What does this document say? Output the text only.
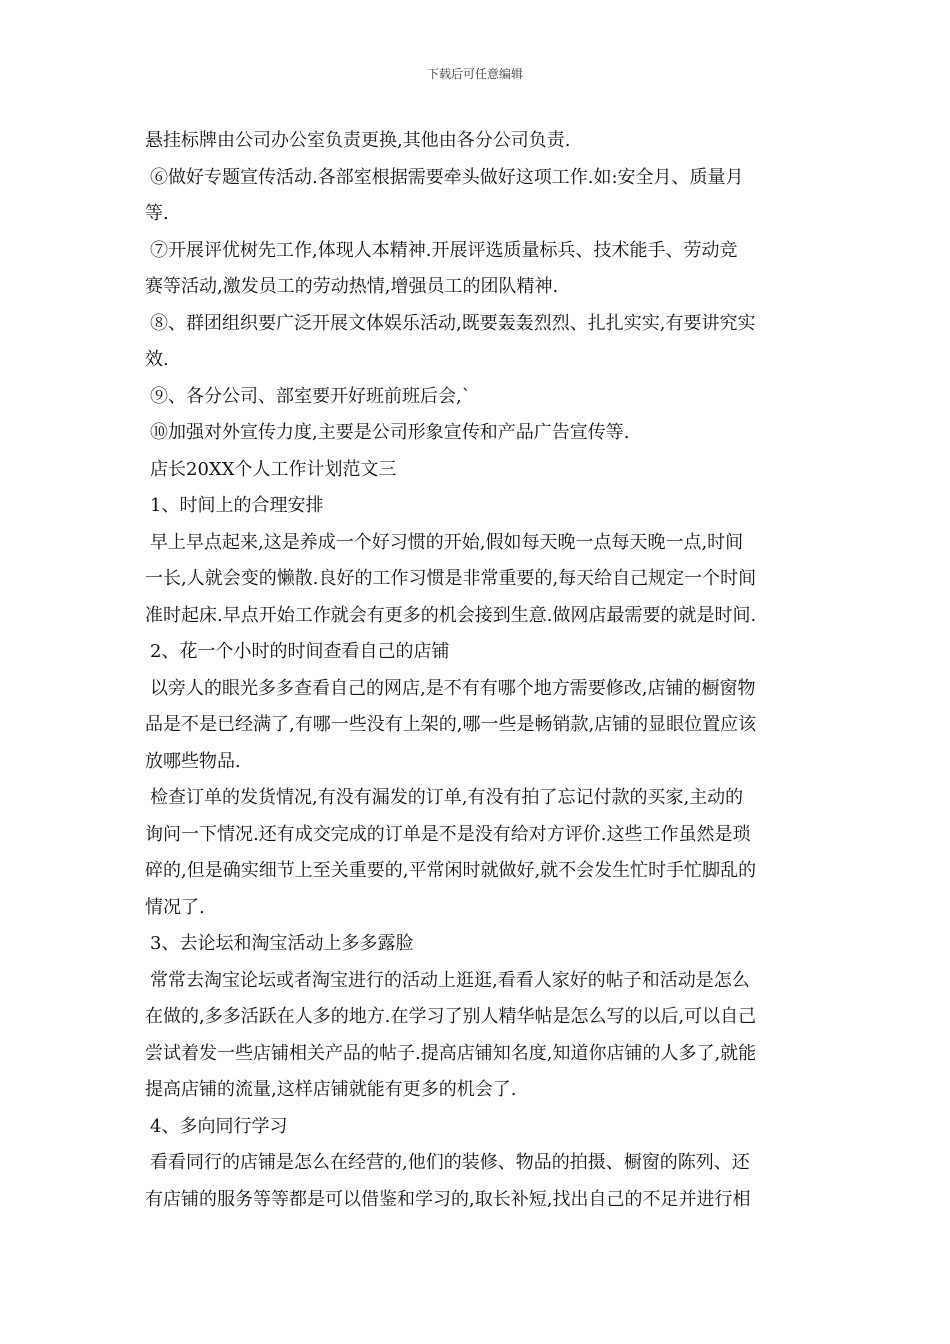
下载后可任意编辑
悬挂标牌由公司办公室负责更换,其他由各分公司负责.
⑥做好专题宣传活动.各部室根据需要牵头做好这项工作.如:安全月、质量月
等.
⑦开展评优树先工作,体现人本精神.开展评选质量标兵、技术能手、劳动竞
赛等活动,激发员工的劳动热情,增强员工的团队精神.
⑧、群团组织要广泛开展文体娱乐活动,既要轰轰烈烈、扎扎实实,有要讲究实
效.
⑨、各分公司、部室要开好班前班后会,`
⑩加强对外宣传力度,主要是公司形象宣传和产品广告宣传等.
店长20XX个人工作计划范文三
1、时间上的合理安排
早上早点起来,这是养成一个好习惯的开始,假如每天晚一点每天晚一点,时间
一长,人就会变的懒散.良好的工作习惯是非常重要的,每天给自己规定一个时间
准时起床.早点开始工作就会有更多的机会接到生意.做网店最需要的就是时间.
2、花一个小时的时间查看自己的店铺
以旁人的眼光多多查看自己的网店,是不有有哪个地方需要修改,店铺的橱窗物
品是不是已经满了,有哪一些没有上架的,哪一些是畅销款,店铺的显眼位置应该
放哪些物品.
检查订单的发货情况,有没有漏发的订单,有没有拍了忘记付款的买家,主动的
询问一下情况.还有成交完成的订单是不是没有给对方评价.这些工作虽然是琐
碎的,但是确实细节上至关重要的,平常闲时就做好,就不会发生忙时手忙脚乱的
情况了.
3、去论坛和淘宝活动上多多露脸
常常去淘宝论坛或者淘宝进行的活动上逛逛,看看人家好的帖子和活动是怎么
在做的,多多活跃在人多的地方.在学习了别人精华帖是怎么写的以后,可以自己
尝试着发一些店铺相关产品的帖子.提高店铺知名度,知道你店铺的人多了,就能
提高店铺的流量,这样店铺就能有更多的机会了.
4、多向同行学习
看看同行的店铺是怎么在经营的,他们的装修、物品的拍摄、橱窗的陈列、还
有店铺的服务等等都是可以借鉴和学习的,取长补短,找出自己的不足并进行相
